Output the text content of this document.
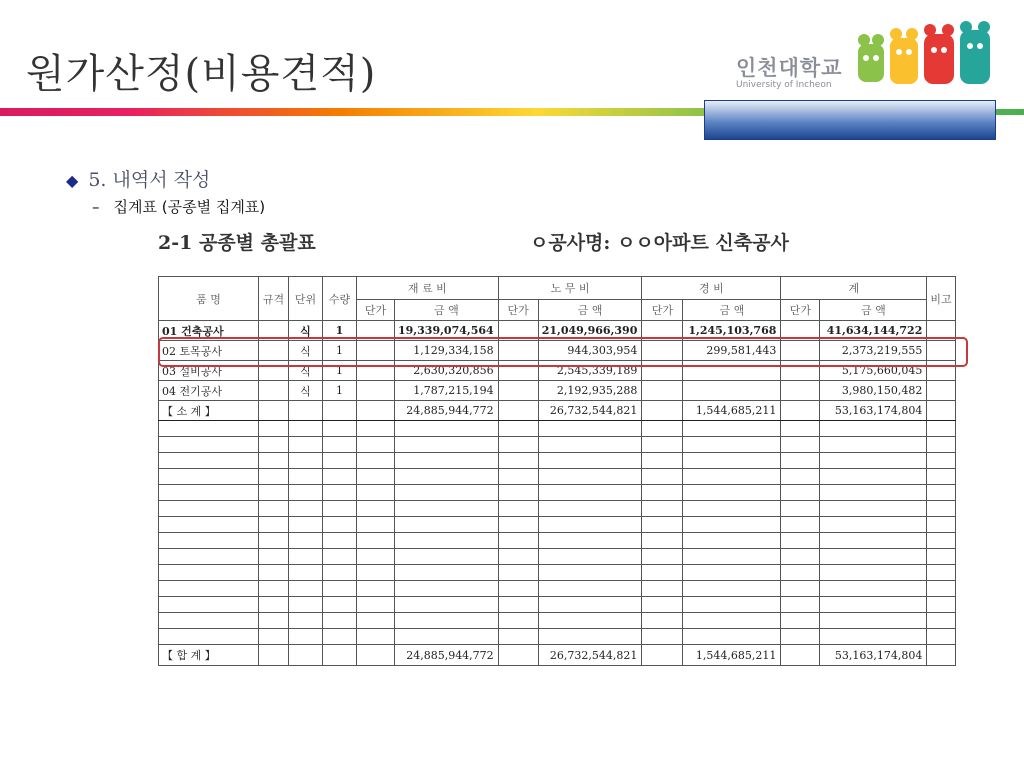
원가산정(비용견적)	인천대학교
University of Incheon
◆ 5. 내역서 작성
– 집계표 (공종별 집계표)
2-1 공종별 총괄표	ㅇ공사명: ㅇㅇ아파트 신축공사
품 명	규격	단위	수량	재 료 비		노 무 비		경 비		계		비고
				단가	금 액	단가	금 액	단가	금 액	단가	금 액	
01 건축공사		식	1		19,339,074,564		21,049,966,390		1,245,103,768		41,634,144,722	
02 토목공사		식	1		1,129,334,158		944,303,954		299,581,443		2,373,219,555	
03 설비공사		식	1		2,630,320,856		2,545,339,189				5,175,660,045	
04 전기공사		식	1		1,787,215,194		2,192,935,288				3,980,150,482	
【 소 계 】					24,885,944,772		26,732,544,821		1,544,685,211		53,163,174,804	

【 합 계 】					24,885,944,772		26,732,544,821		1,544,685,211		53,163,174,804	
